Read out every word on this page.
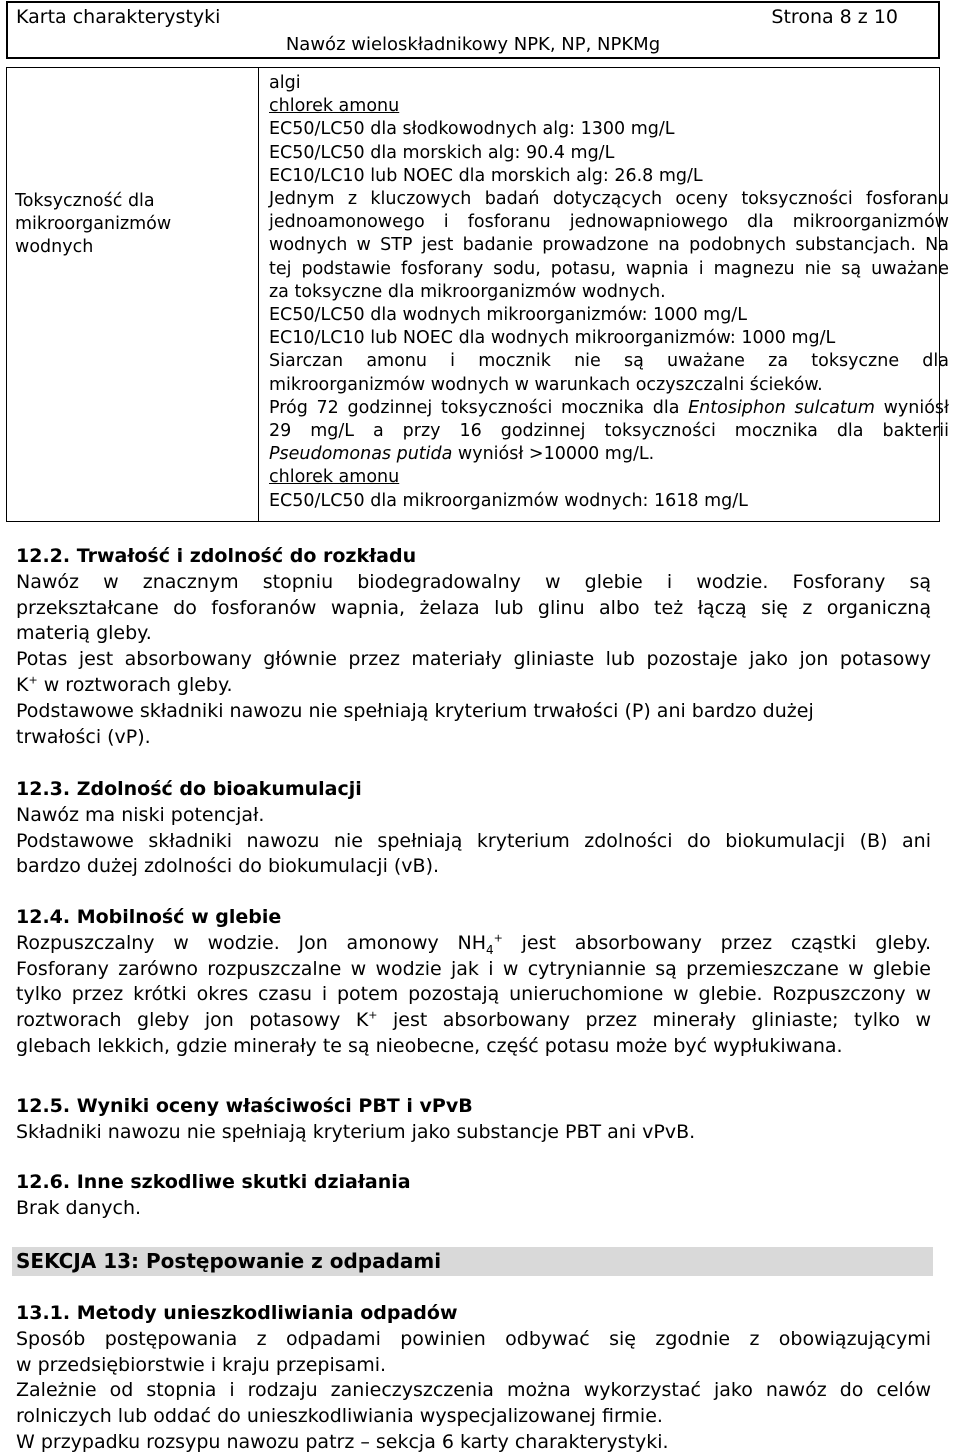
Karta charakterystyki	Strona 8 z 10
Nawóz wieloskładnikowy NPK, NP, NPKMg
Toksyczność dla
mikroorganizmów
wodnych
algi
chlorek amonu
EC50/LC50 dla słodkowodnych alg: 1300 mg/L
EC50/LC50 dla morskich alg: 90.4 mg/L
EC10/LC10 lub NOEC dla morskich alg: 26.8 mg/L
Jednym z kluczowych badań dotyczących oceny toksyczności fosforanu
jednoamonowego i fosforanu jednowapniowego dla mikroorganizmów
wodnych w STP jest badanie prowadzone na podobnych substancjach. Na
tej podstawie fosforany sodu, potasu, wapnia i magnezu nie są uważane
za toksyczne dla mikroorganizmów wodnych.
EC50/LC50 dla wodnych mikroorganizmów: 1000 mg/L
EC10/LC10 lub NOEC dla wodnych mikroorganizmów: 1000 mg/L
Siarczan amonu i mocznik nie są uważane za toksyczne dla
mikroorganizmów wodnych w warunkach oczyszczalni ścieków.
Próg 72 godzinnej toksyczności mocznika dla Entosiphon sulcatum wyniósł
29 mg/L a przy 16 godzinnej toksyczności mocznika dla bakterii
Pseudomonas putida wyniósł >10000 mg/L.
chlorek amonu
EC50/LC50 dla mikroorganizmów wodnych: 1618 mg/L
12.2. Trwałość i zdolność do rozkładu
Nawóz w znacznym stopniu biodegradowalny w glebie i wodzie. Fosforany są
przekształcane do fosforanów wapnia, żelaza lub glinu albo też łączą się z organiczną
materią gleby.
Potas jest absorbowany głównie przez materiały gliniaste lub pozostaje jako jon potasowy
K+ w roztworach gleby.
Podstawowe składniki nawozu nie spełniają kryterium trwałości (P) ani bardzo dużej
trwałości (vP).
12.3. Zdolność do bioakumulacji
Nawóz ma niski potencjał.
Podstawowe składniki nawozu nie spełniają kryterium zdolności do biokumulacji (B) ani
bardzo dużej zdolności do biokumulacji (vB).
12.4. Mobilność w glebie
Rozpuszczalny w wodzie. Jon amonowy $NH_4^+$ jest absorbowany przez cząstki gleby.
Fosforany zarówno rozpuszczalne w wodzie jak i w cytryniannie są przemieszczane w glebie
tylko przez krótki okres czasu i potem pozostają unieruchomione w glebie. Rozpuszczony w
roztworach gleby jon potasowy K+ jest absorbowany przez minerały gliniaste; tylko w
glebach lekkich, gdzie minerały te są nieobecne, część potasu może być wypłukiwana.
12.5. Wyniki oceny właściwości PBT i vPvB
Składniki nawozu nie spełniają kryterium jako substancje PBT ani vPvB.
12.6. Inne szkodliwe skutki działania
Brak danych.
SEKCJA 13: Postępowanie z odpadami
13.1. Metody unieszkodliwiania odpadów
Sposób postępowania z odpadami powinien odbywać się zgodnie z obowiązującymi
w przedsiębiorstwie i kraju przepisami.
Zależnie od stopnia i rodzaju zanieczyszczenia można wykorzystać jako nawóz do celów
rolniczych lub oddać do unieszkodliwiania wyspecjalizowanej firmie.
W przypadku rozsypu nawozu patrz – sekcja 6 karty charakterystyki.
